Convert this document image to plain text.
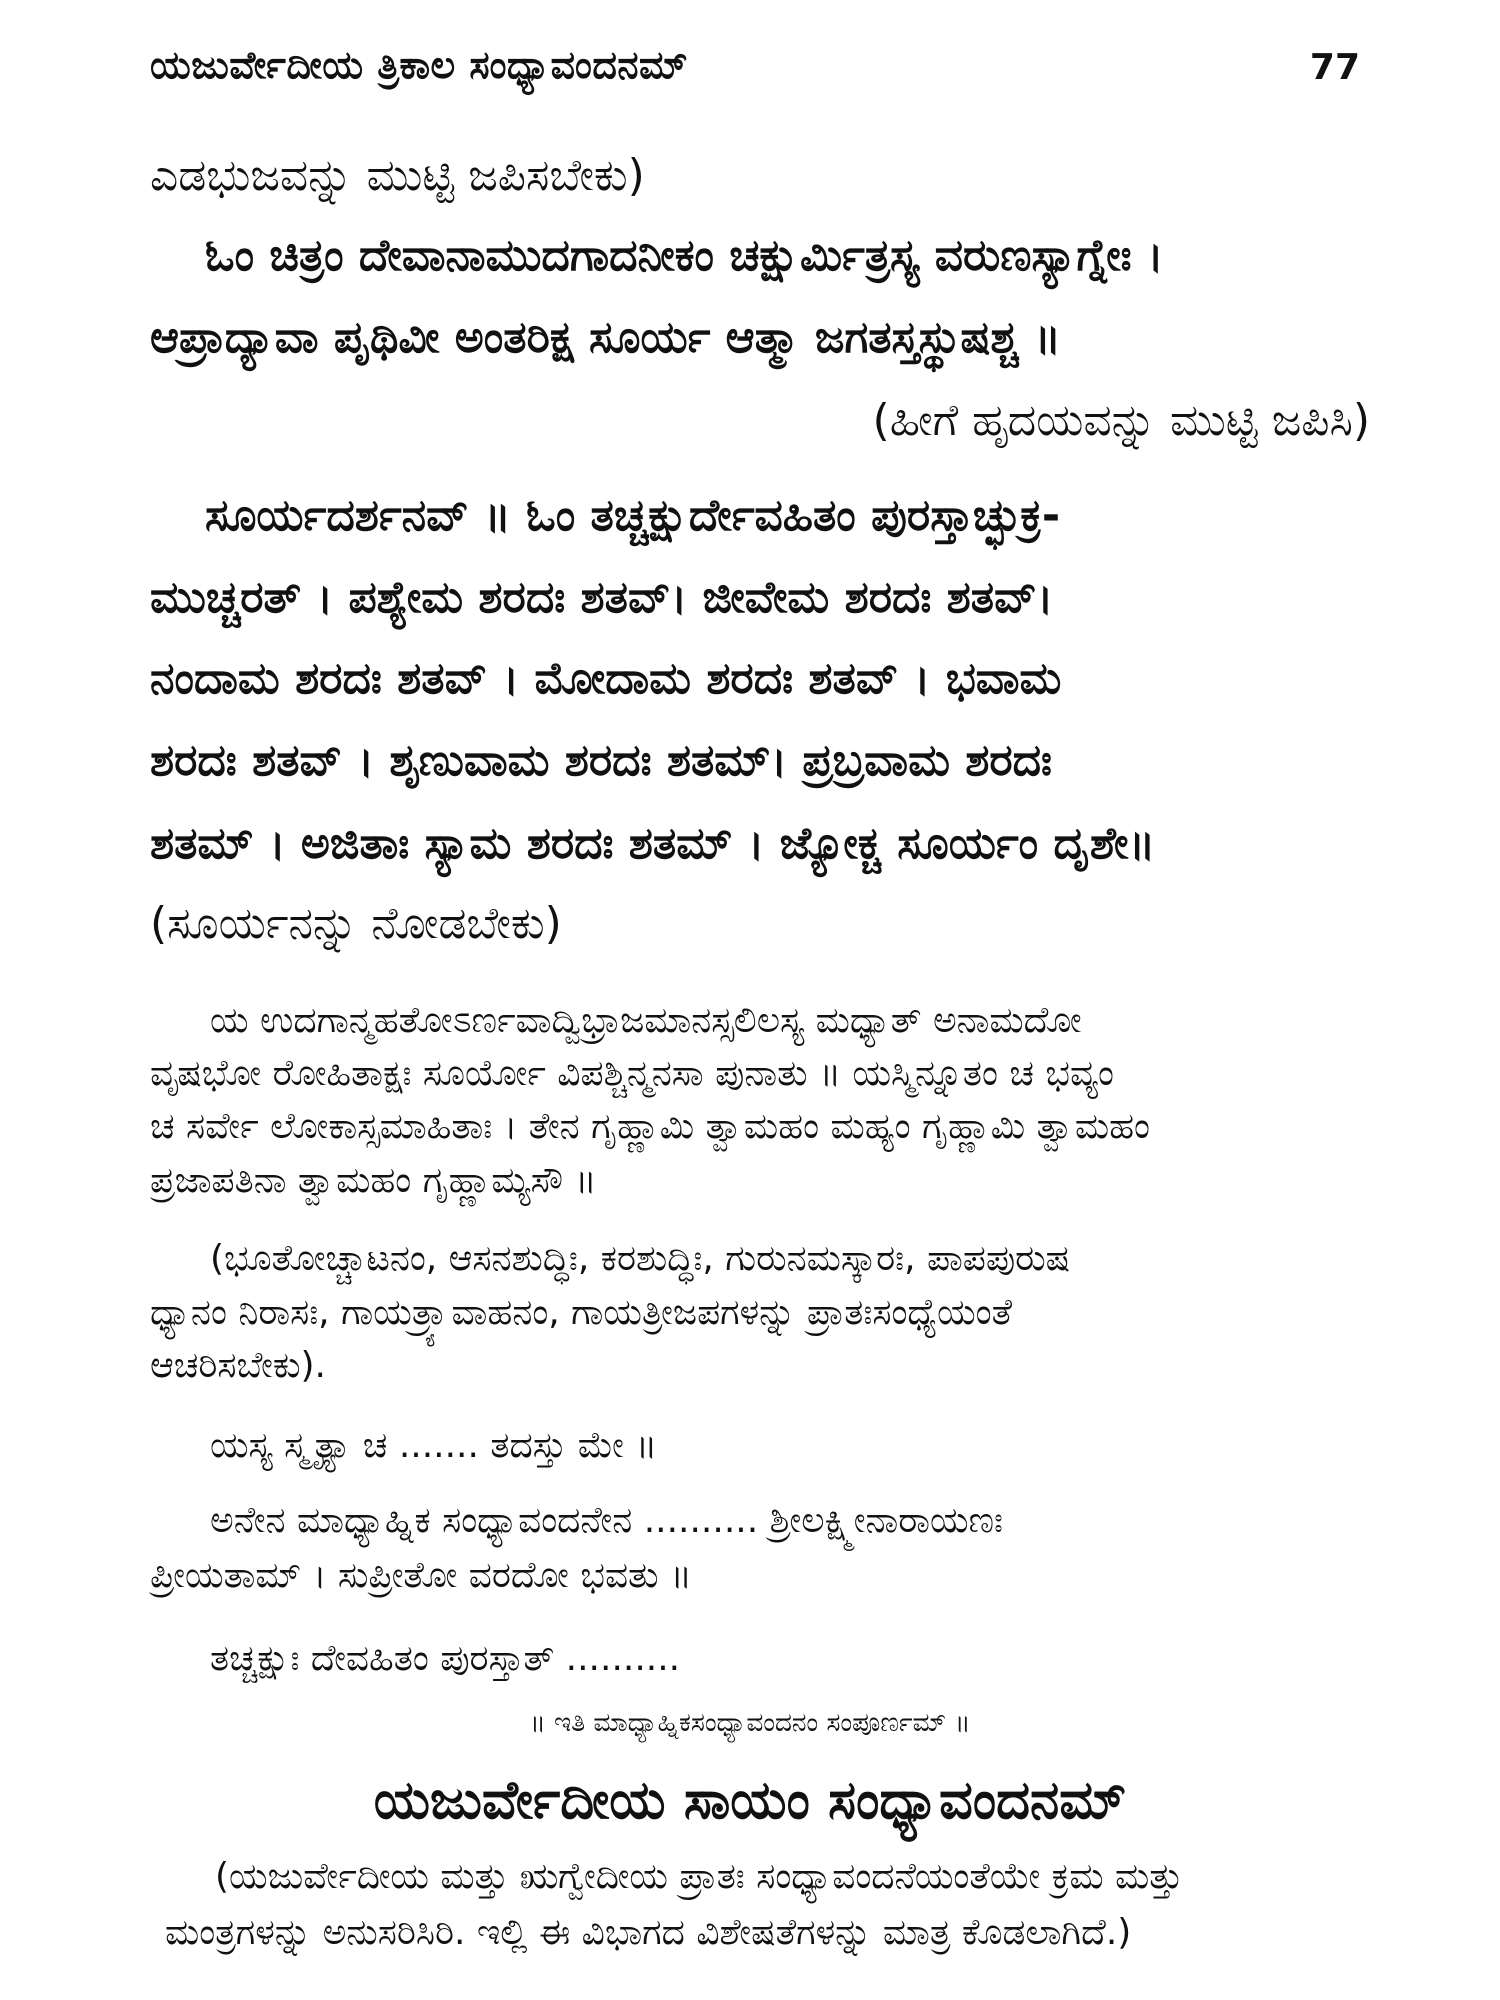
ಯಜುರ್ವೇದೀಯ ತ್ರಿಕಾಲ ಸಂಧ್ಯಾವಂದನಮ್	77
ಎಡಭುಜವನ್ನು ಮುಟ್ಟಿ ಜಪಿಸಬೇಕು)
ಓಂ ಚಿತ್ರಂ ದೇವಾನಾಮುದಗಾದನೀಕಂ ಚಕ್ಷುರ್ಮಿತ್ರಸ್ಯ ವರುಣಸ್ಯಾಗ್ನೇಃ ।
ಆಪ್ರಾದ್ಯಾವಾ ಪೃಥಿವೀ ಅಂತರಿಕ್ಷ ಸೂರ್ಯ ಆತ್ಮಾ ಜಗತಸ್ತಸ್ಥುಷಶ್ಚ ॥
(ಹೀಗೆ ಹೃದಯವನ್ನು ಮುಟ್ಟಿ ಜಪಿಸಿ)
ಸೂರ್ಯದರ್ಶನವ್ ॥ ಓಂ ತಚ್ಚಕ್ಷುರ್ದೇವಹಿತಂ ಪುರಸ್ತಾಚ್ಛುಕ್ರ-
ಮುಚ್ಚರತ್ । ಪಶ್ಯೇಮ ಶರದಃ ಶತವ್‌। ಜೀವೇಮ ಶರದಃ ಶತವ್‌।
ನಂದಾಮ ಶರದಃ ಶತವ್ । ಮೋದಾಮ ಶರದಃ ಶತವ್ । ಭವಾಮ
ಶರದಃ ಶತವ್ । ಶೃಣುವಾಮ ಶರದಃ ಶತಮ್‌। ಪ್ರಬ್ರವಾಮ ಶರದಃ
ಶತಮ್ । ಅಜಿತಾಃ ಸ್ಯಾಮ ಶರದಃ ಶತಮ್ । ಜ್ಯೋಕ್ಚ ಸೂರ್ಯಂ ದೃಶೇ॥
(ಸೂರ್ಯನನ್ನು ನೋಡಬೇಕು)
ಯ ಉದಗಾನ್ಮಹತೋಽರ್ಣವಾದ್ವಿಭ್ರಾಜಮಾನಸ್ಸಲಿಲಸ್ಯ ಮಧ್ಯಾತ್ ಅನಾಮದೋ
ವೃಷಭೋ ರೋಹಿತಾಕ್ಷಃ ಸೂರ್ಯೋ ವಿಪಶ್ಚಿನ್ಮನಸಾ ಪುನಾತು ॥ ಯಸ್ಮಿನ್ನೂತಂ ಚ ಭವ್ಯಂ
ಚ ಸರ್ವೇ ಲೋಕಾಸ್ಸಮಾಹಿತಾಃ । ತೇನ ಗೃಹ್ಣಾಮಿ ತ್ವಾಮಹಂ ಮಹ್ಯಂ ಗೃಹ್ಣಾಮಿ ತ್ವಾಮಹಂ
ಪ್ರಜಾಪತಿನಾ ತ್ವಾಮಹಂ ಗೃಹ್ಣಾಮ್ಯಸೌ ॥
(ಭೂತೋಚ್ಚಾಟನಂ, ಆಸನಶುದ್ಧಿಃ, ಕರಶುದ್ಧಿಃ, ಗುರುನಮಸ್ಕಾರಃ, ಪಾಪಪುರುಷ
ಧ್ಯಾನಂ ನಿರಾಸಃ, ಗಾಯತ್ರ್ಯಾವಾಹನಂ, ಗಾಯತ್ರೀಜಪಗಳನ್ನು ಪ್ರಾತಃಸಂಧ್ಯೆಯಂತೆ
ಆಚರಿಸಬೇಕು).
ಯಸ್ಯ ಸ್ಮೃತ್ಯಾ ಚ ....... ತದಸ್ತು ಮೇ ॥
ಅನೇನ ಮಾಧ್ಯಾಹ್ನಿಕ ಸಂಧ್ಯಾವಂದನೇನ .......... ಶ್ರೀಲಕ್ಷ್ಮೀನಾರಾಯಣಃ
ಪ್ರೀಯತಾಮ್ । ಸುಪ್ರೀತೋ ವರದೋ ಭವತು ॥
ತಚ್ಚಕ್ಷುಃ ದೇವಹಿತಂ ಪುರಸ್ತಾತ್ ..........
॥ ಇತಿ ಮಾಧ್ಯಾಹ್ನಿಕಸಂಧ್ಯಾವಂದನಂ ಸಂಪೂರ್ಣಮ್ ॥
ಯಜುರ್ವೇದೀಯ ಸಾಯಂ ಸಂಧ್ಯಾವಂದನಮ್
(ಯಜುರ್ವೇದೀಯ ಮತ್ತು ಋಗ್ವೇದೀಯ ಪ್ರಾತಃ ಸಂಧ್ಯಾವಂದನೆಯಂತೆಯೇ ಕ್ರಮ ಮತ್ತು
ಮಂತ್ರಗಳನ್ನು ಅನುಸರಿಸಿರಿ. ಇಲ್ಲಿ ಈ ವಿಭಾಗದ ವಿಶೇಷತೆಗಳನ್ನು ಮಾತ್ರ ಕೊಡಲಾಗಿದೆ.)
